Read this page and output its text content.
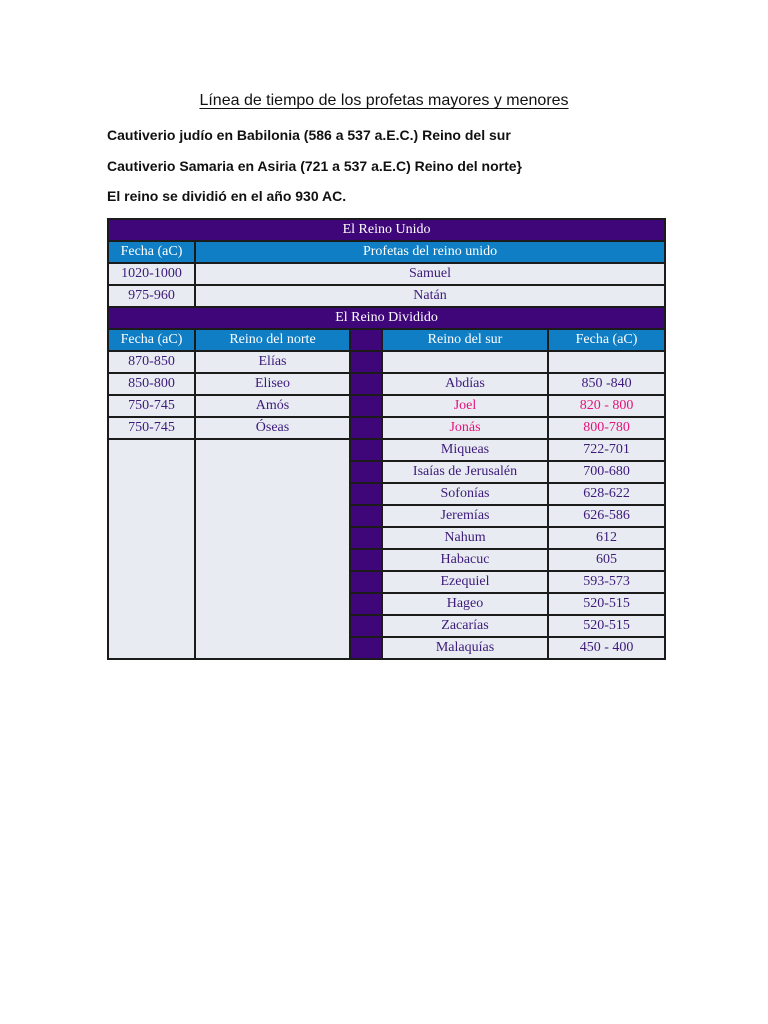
Línea de tiempo de los profetas mayores y menores
Cautiverio judío en Babilonia (586 a 537 a.E.C.) Reino del sur
Cautiverio Samaria en Asiria (721 a 537 a.E.C) Reino del norte}
El reino se dividió en el año 930 AC.
El Reino Unido				
Fecha (aC)	Profetas del reino unido			
1020-1000	Samuel			
975-960	Natán			
El Reino Dividido				
Fecha (aC)	Reino del norte		Reino del sur	Fecha (aC)
870-850	Elías			
850-800	Eliseo		Abdías	850 -840
750-745	Amós		Joel	820 - 800
750-745	Óseas		Jonás	800-780
			Miqueas	722-701
			Isaías de Jerusalén	700-680
			Sofonías	628-622
			Jeremías	626-586
			Nahum	612
			Habacuc	605
			Ezequiel	593-573
			Hageo	520-515
			Zacarías	520-515
			Malaquías	450 - 400
